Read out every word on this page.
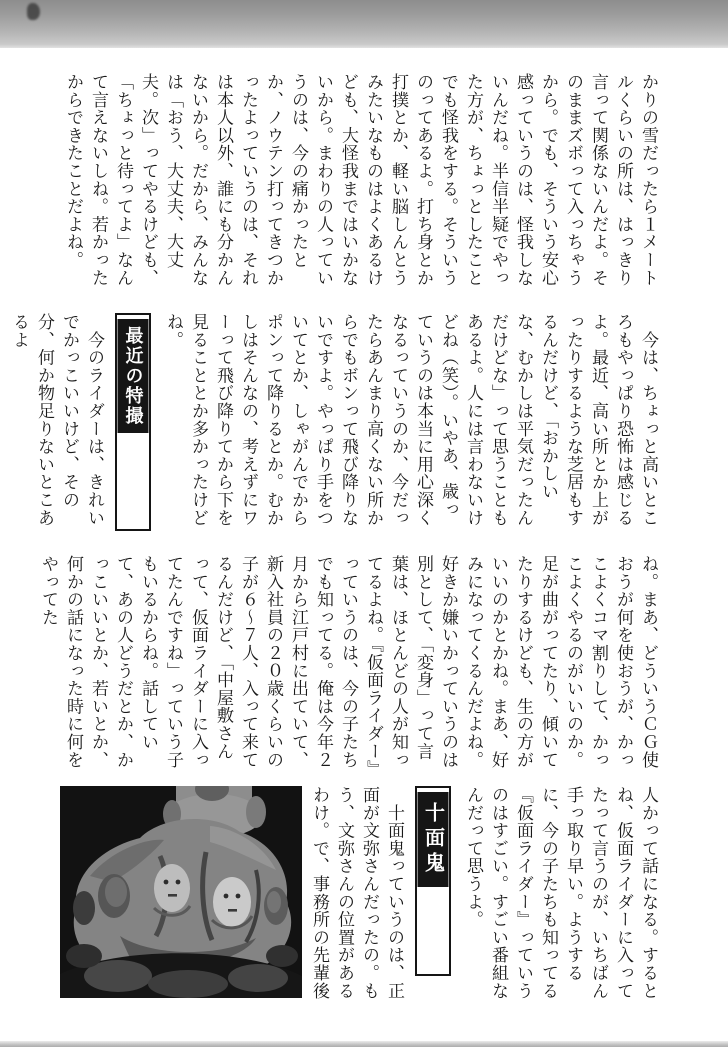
かりの雪だったら１メートルくらいの所は、はっきり言って関係ないんだよ。そのままズボって入っちゃうから。でも、そういう安心感っていうのは、怪我しないんだね。半信半疑でやった方が、ちょっとしたことでも怪我をする。そういうのってあるよ。打ち身とか打撲とか、軽い脳しんとうみたいなものはよくあるけども、大怪我まではいかないから。まわりの人っていうのは、今の痛かったとか、ノウテン打ってきつかったよっていうのは、それは本人以外、誰にも分かんないから。だから、みんなは「おう、大丈夫、大丈夫。次」ってやるけども、「ちょっと待ってよ」なんて言えないしね。若かったからできたことだよね。

　今は、ちょっと高いところもやっぱり恐怖は感じるよ。最近、高い所とか上がったりするような芝居もするんだけど、「おかしいな、むかしは平気だったんだけどな」って思うこともあるよ。人には言わないけどね（笑）。いやあ、歳っていうのは本当に用心深くなるっていうのか、今だったらあんまり高くない所からでもボンって飛び降りないですよ。やっぱり手をついてとか、しゃがんでからポンって降りるとか。むかしはそんなの、考えずにワーって飛び降りてから下を見ることとか多かったけどね。

最近の特撮

　今のライダーは、きれいでかっこいいけど、その分、何か物足りないとこあるよ

ね。まあ、どういうＣＧ使おうが何を使おうが、かっこよくコマ割りして、かっこよくやるのがいいのか。足が曲がってたり、傾いてたりするけども、生の方がいいのかとかね。まあ、好みになってくるんだよね。好きか嫌いかっていうのは別として、「変身」って言葉は、ほとんどの人が知ってるよね。『仮面ライダー』っていうのは、今の子たちでも知ってる。俺は今年２月から江戸村に出ていて、新入社員の２０歳くらいの子が６〜７人、入って来てるんだけど、「中屋敷さんって、仮面ライダーに入ってたんですね」っていう子もいるからね。話していて、あの人どうだとか、かっこいいとか、若いとか、何かの話になった時に何をやってた

人かって話になる。するとね、仮面ライダーに入ってたって言うのが、いちばん手っ取り早い。ようするに、今の子たちも知ってる『仮面ライダー』っていうのはすごい。すごい番組なんだって思うよ。

十面鬼

　十面鬼っていうのは、正面が文弥さんだったの。もう、文弥さんの位置があるわけ。で、事務所の先輩後
